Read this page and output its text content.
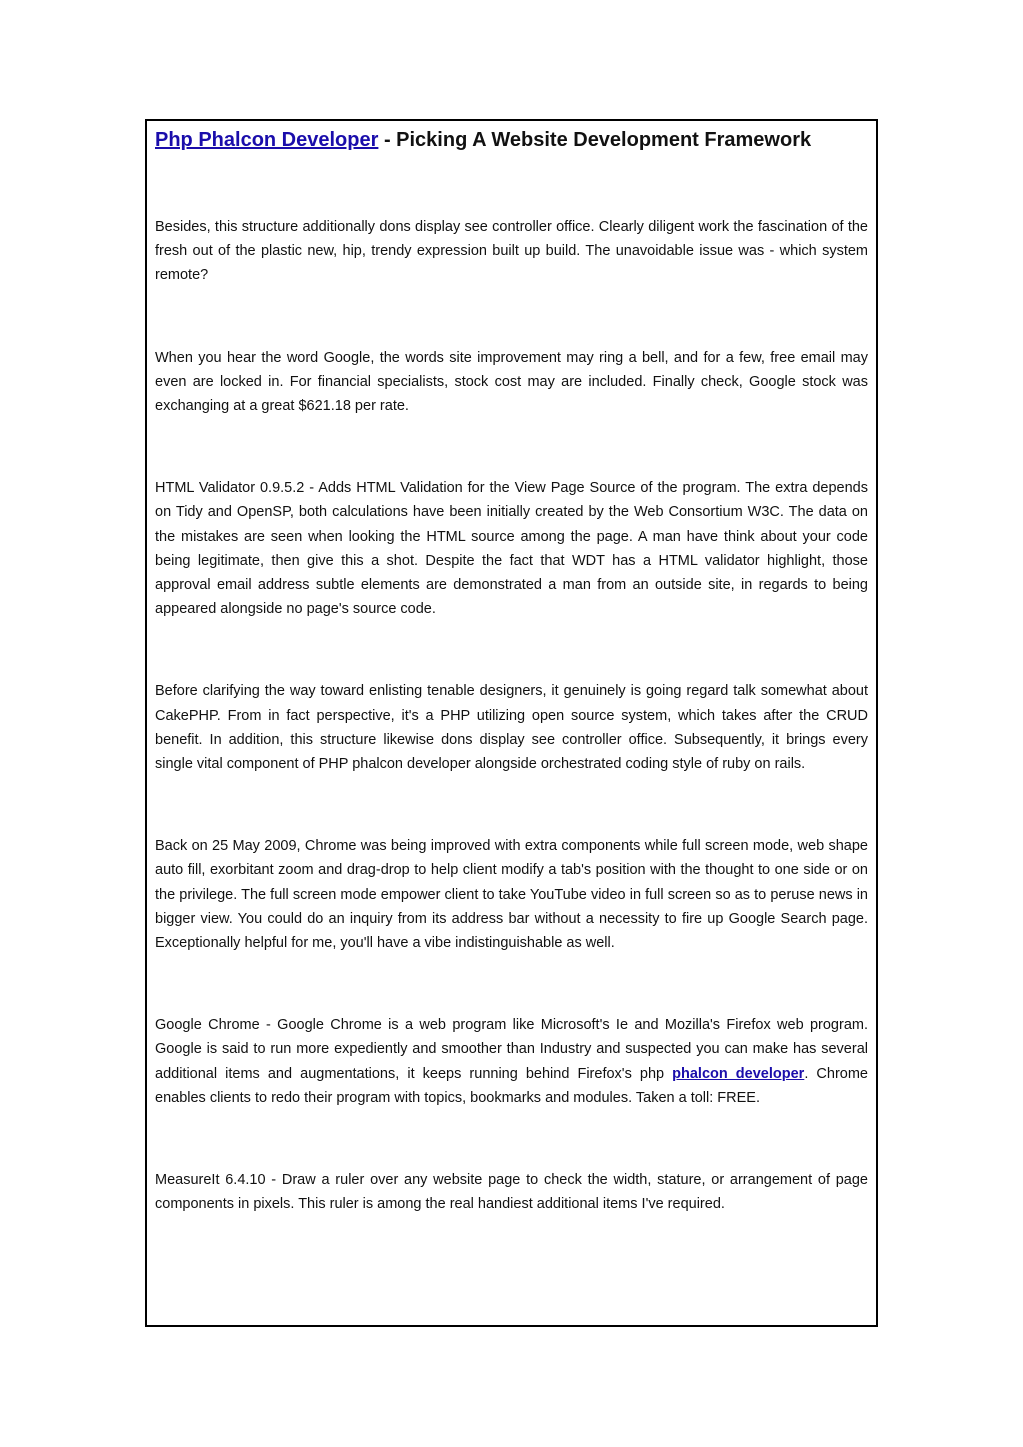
Php Phalcon Developer - Picking A Website Development Framework

Besides, this structure additionally dons display see controller office. Clearly diligent work the fascination of the fresh out of the plastic new, hip, trendy expression built up build. The unavoidable issue was - which system remote?

When you hear the word Google, the words site improvement may ring a bell, and for a few, free email may even are locked in. For financial specialists, stock cost may are included. Finally check, Google stock was exchanging at a great $621.18 per rate.

HTML Validator 0.9.5.2 - Adds HTML Validation for the View Page Source of the program. The extra depends on Tidy and OpenSP, both calculations have been initially created by the Web Consortium W3C. The data on the mistakes are seen when looking the HTML source among the page. A man have think about your code being legitimate, then give this a shot. Despite the fact that WDT has a HTML validator highlight, those approval email address subtle elements are demonstrated a man from an outside site, in regards to being appeared alongside no page's source code.

Before clarifying the way toward enlisting tenable designers, it genuinely is going regard talk somewhat about CakePHP. From in fact perspective, it's a PHP utilizing open source system, which takes after the CRUD benefit. In addition, this structure likewise dons display see controller office. Subsequently, it brings every single vital component of PHP phalcon developer alongside orchestrated coding style of ruby on rails.

Back on 25 May 2009, Chrome was being improved with extra components while full screen mode, web shape auto fill, exorbitant zoom and drag-drop to help client modify a tab's position with the thought to one side or on the privilege. The full screen mode empower client to take YouTube video in full screen so as to peruse news in bigger view. You could do an inquiry from its address bar without a necessity to fire up Google Search page. Exceptionally helpful for me, you'll have a vibe indistinguishable as well.

Google Chrome - Google Chrome is a web program like Microsoft's Ie and Mozilla's Firefox web program. Google is said to run more expediently and smoother than Industry and suspected you can make has several additional items and augmentations, it keeps running behind Firefox's php phalcon developer. Chrome enables clients to redo their program with topics, bookmarks and modules. Taken a toll: FREE.

MeasureIt 6.4.10 - Draw a ruler over any website page to check the width, stature, or arrangement of page components in pixels. This ruler is among the real handiest additional items I've required.
